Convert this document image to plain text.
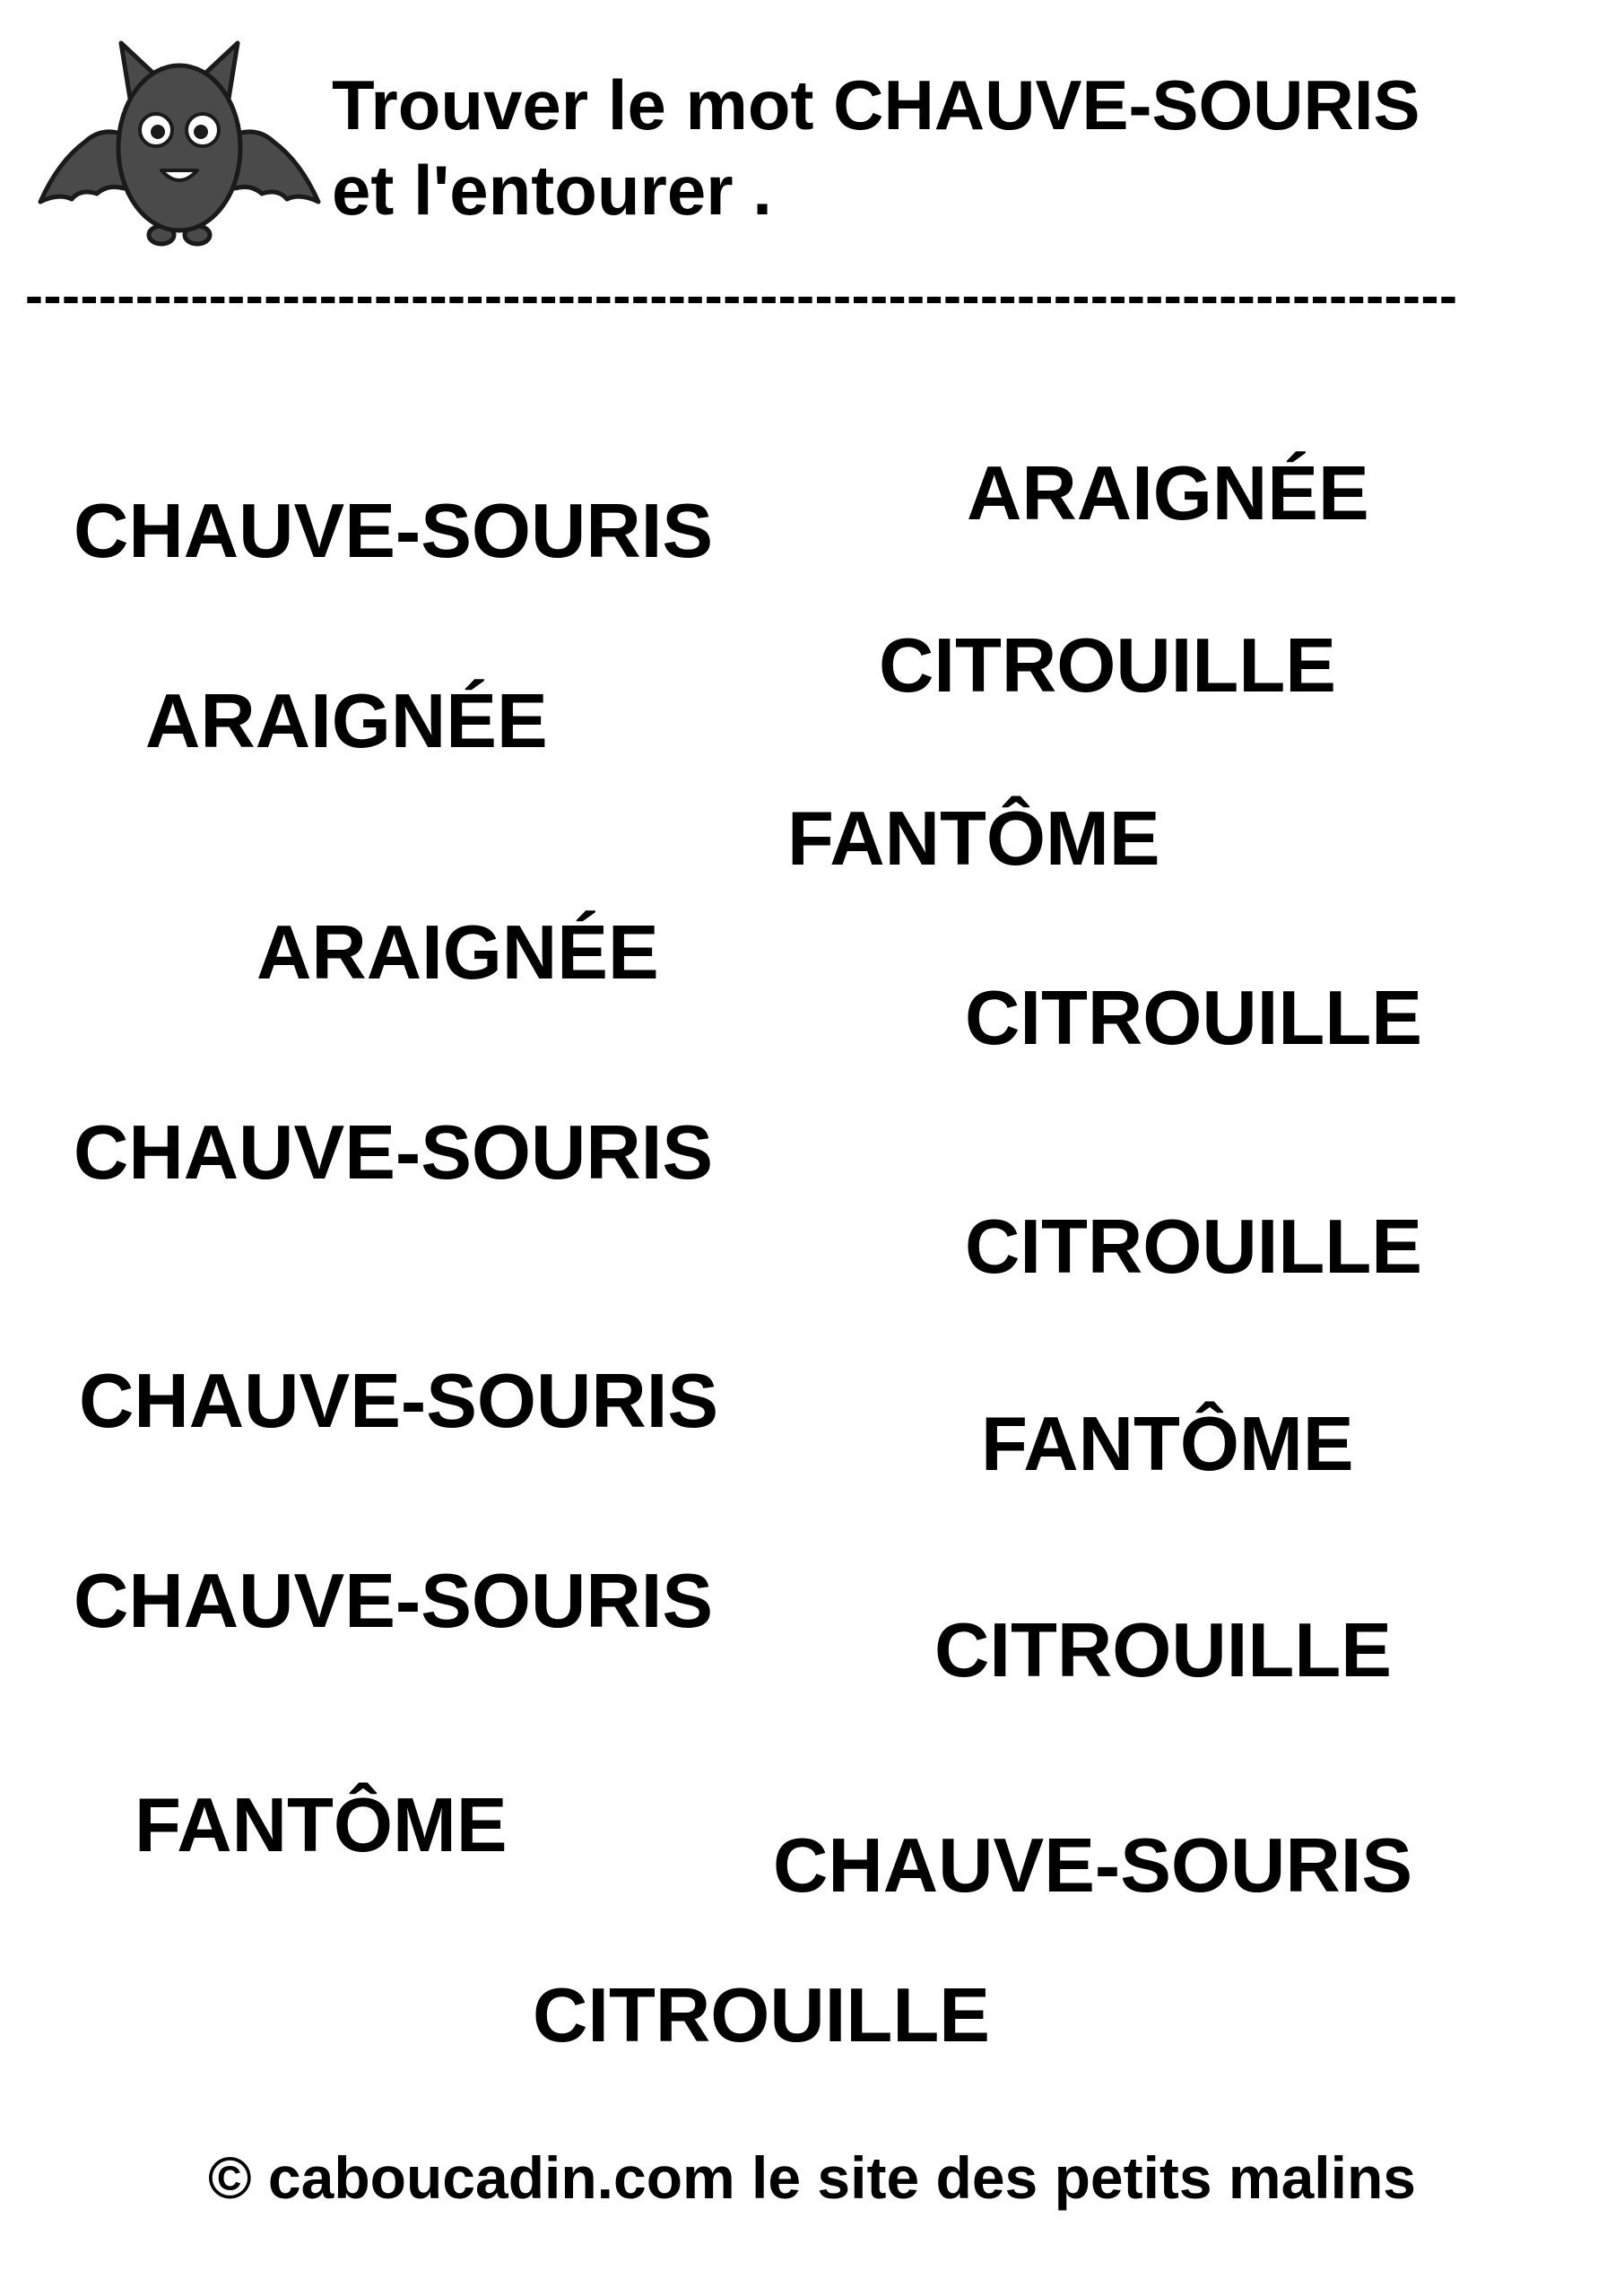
Trouver le mot CHAUVE-SOURIS
et l'entourer .
------------------------------------------------------------------------------
CHAUVE-SOURIS	ARAIGNÉE
CITROUILLE
ARAIGNÉE
FANTÔME
ARAIGNÉE
CITROUILLE
CHAUVE-SOURIS
CITROUILLE
CHAUVE-SOURIS
FANTÔME
CHAUVE-SOURIS
CITROUILLE
FANTÔME	CHAUVE-SOURIS
CITROUILLE

© caboucadin.com le site des petits malins
